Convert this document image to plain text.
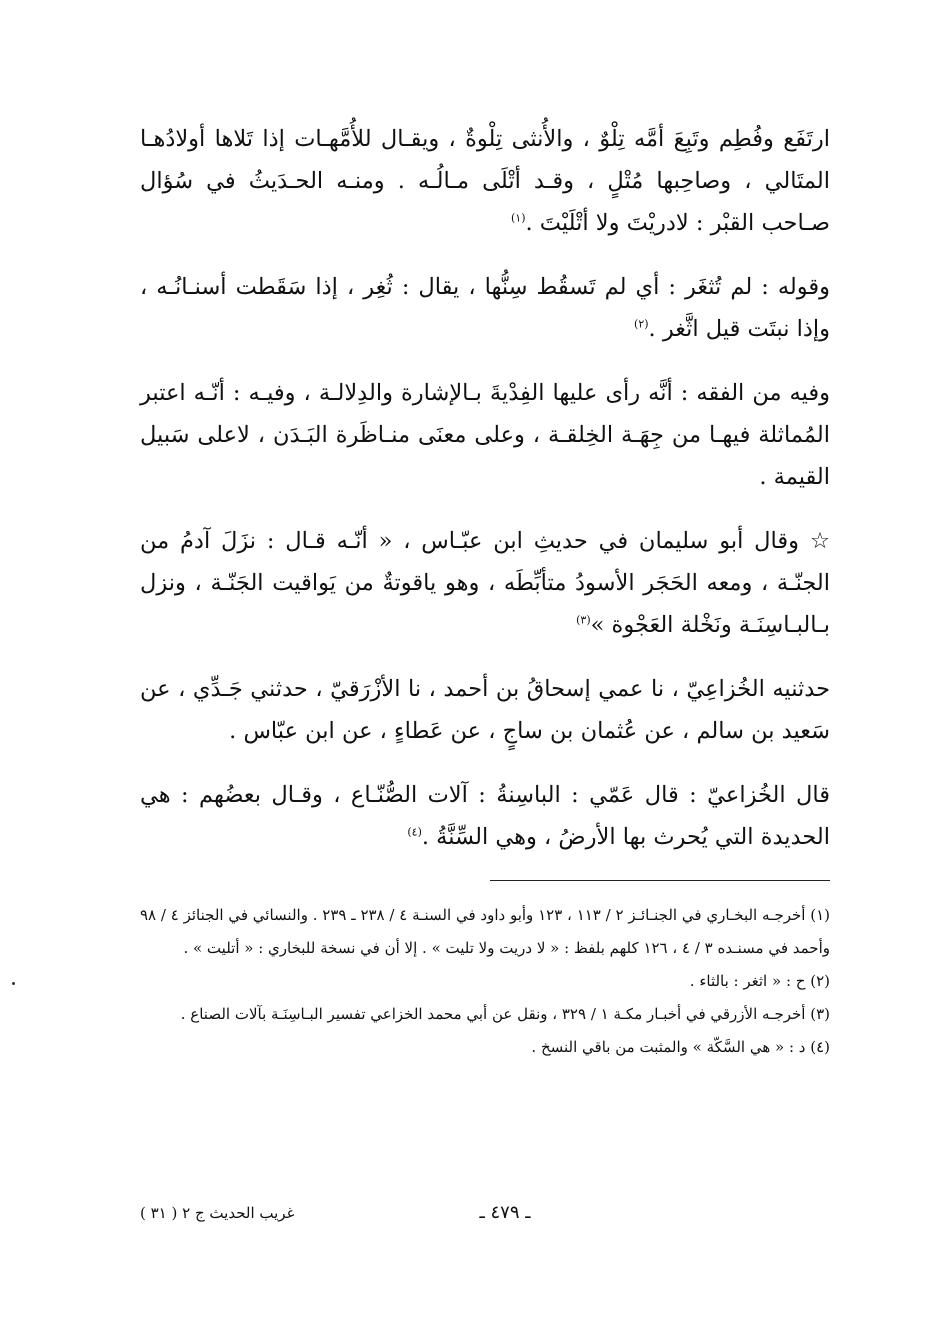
ارتَفَع وفُطِم وتَبِعَ أمَّه تِلْوٌ ، والأُنثى تِلْوةٌ ، ويقـال للأُمَّهـات إذا تَلاها أولادُهـا المتَالي ، وصاحِبها مُتْلٍ ، وقـد أتْلَى مـالُـه . ومنـه الحـدَيثُ في سُؤال صـاحب القبْر : لادريْتَ ولا أتْلَيْتَ .$^{(١)}$

وقوله : لم تُثغَر : أي لم تَسقُط سِنُّها ، يقال : ثُغِر ، إذا سَقَطت أسنـانُـه ، وإذا نبتَت قيل اثَّغر .$^{(٢)}$

وفيه من الفقه : أنَّه رأى عليها الفِدْيةَ بـالإشارة والدِلالـة ، وفيـه : أنّـه اعتبر المُماثلة فيهـا من جِهَـة الخِلقـة ، وعلى معنَى منـاظَرة البَـدَن ، لاعلى سَبيل القيمة .

☆ وقال أبو سليمان في حديثِ ابن عبّـاس ، « أنّـه قـال : نزَلَ آدمُ من الجنّـة ، ومعه الحَجَر الأسودُ متأبِّطَه ، وهو ياقوتةٌ من يَواقيت الجَنّـة ، ونزل بـالبـاسِنَـة ونَخْلة العَجْوة »$^{(٣)}$

حدثنيه الخُزاعِيّ ، نا عمي إسحاقُ بن أحمد ، نا الأزْرَقيّ ، حدثني جَـدِّي ، عن سَعيد بن سالم ، عن عُثمان بن ساجٍ ، عن عَطاءٍ ، عن ابن عبّاس .

قال الخُزاعيّ : قال عَمّي : الباسِنةُ : آلات الصُّنّـاع ، وقـال بعضُهم : هي الحديدة التي يُحرث بها الأرضُ ، وهي السِّنَّةُ .$^{(٤)}$

(١) أخرجـه البخـاري في الجنـائـز ٢ / ١١٣ ، ١٢٣ وأبو داود في السنـة ٤ / ٢٣٨ ـ ٢٣٩ . والنسائي في الجنائز ٤ / ٩٨ وأحمد في مسنـده ٣ / ٤ ، ١٢٦ كلهم بلفظ : « لا دريت ولا تليت » . إلا أن في نسخة للبخاري : « أتليت » .

(٢) ح : « اثغر : بالثاء .

(٣) أخرجـه الأزرقي في أخبـار مكـة ١ / ٣٢٩ ، ونقل عن أبي محمد الخزاعي تفسير البـاسِنَـة بآلات الصناع .

(٤) د : « هي السَّكّة » والمثبت من باقي النسخ .

ـ ٤٧٩ ـ
غريب الحديث ج ٢ ( ٣١ )
